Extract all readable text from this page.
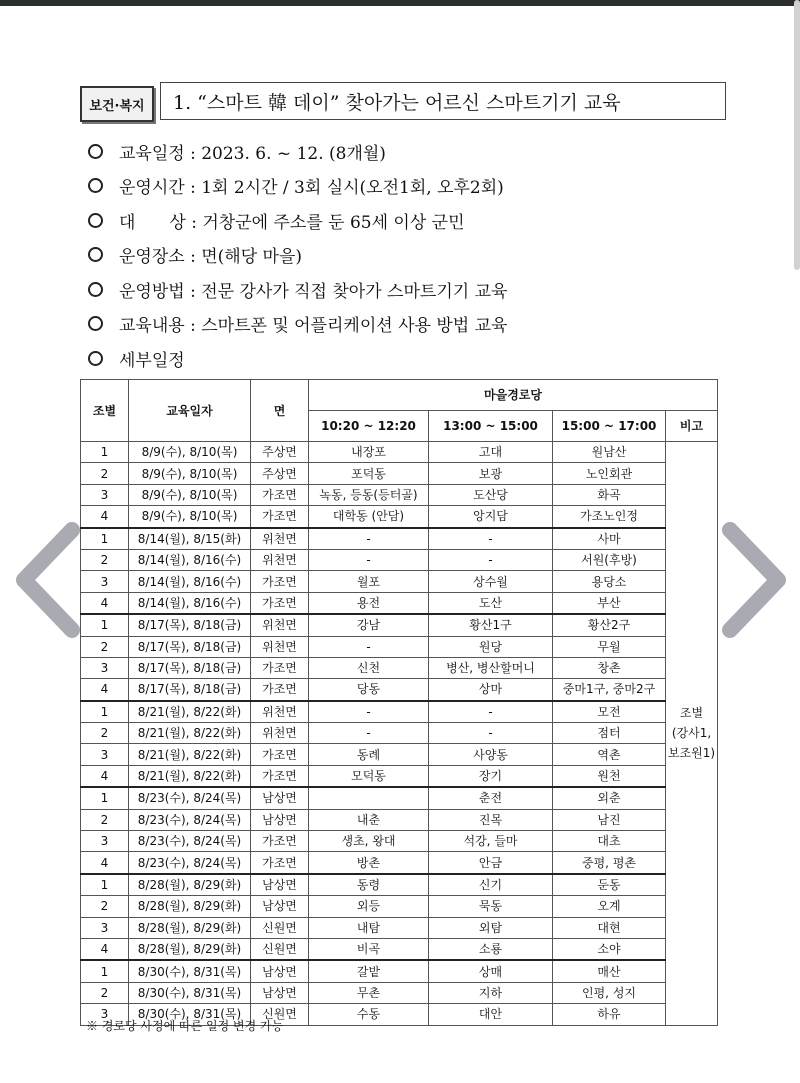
보건·복지	1. “스마트 韓 데이” 찾아가는 어르신 스마트기기 교육
교육일정 : 2023. 6. ~ 12. (8개월)
운영시간 : 1회 2시간 / 3회 실시(오전1회, 오후2회)
대　　상 : 거창군에 주소를 둔 65세 이상 군민
운영장소 : 면(해당 마을)
운영방법 : 전문 강사가 직접 찾아가 스마트기기 교육
교육내용 : 스마트폰 및 어플리케이션 사용 방법 교육
세부일정
조별	교육일자	면	마을경로당			
			10:20 ~ 12:20	13:00 ~ 15:00	15:00 ~ 17:00	비고
1	8/9(수), 8/10(목)	주상면	내장포	고대	원남산	조별
(강사1,
보조원1)
2	8/9(수), 8/10(목)	주상면	포덕동	보광	노인회관	
3	8/9(수), 8/10(목)	가조면	녹동, 등동(등터골)	도산당	화곡	
4	8/9(수), 8/10(목)	가조면	대학동 (안담)	앙지담	가조노인정	
1	8/14(월), 8/15(화)	위천면	-	-	사마	
2	8/14(월), 8/16(수)	위천면	-	-	서원(후방)	
3	8/14(월), 8/16(수)	가조면	월포	상수월	용당소	
4	8/14(월), 8/16(수)	가조면	용전	도산	부산	
1	8/17(목), 8/18(금)	위천면	강남	황산1구	황산2구	
2	8/17(목), 8/18(금)	위천면	-	원당	무월	
3	8/17(목), 8/18(금)	가조면	신천	병산, 병산할머니	창촌	
4	8/17(목), 8/18(금)	가조면	당동	상마	중마1구, 중마2구	
1	8/21(월), 8/22(화)	위천면	-	-	모전	
2	8/21(월), 8/22(화)	위천면	-	-	점터	
3	8/21(월), 8/22(화)	가조면	동례	사양동	역촌	
4	8/21(월), 8/22(화)	가조면	모덕동	장기	원천	
1	8/23(수), 8/24(목)	남상면		춘전	외춘	
2	8/23(수), 8/24(목)	남상면	내춘	진목	남진	
3	8/23(수), 8/24(목)	가조면	생초, 왕대	석강, 들마	대초	
4	8/23(수), 8/24(목)	가조면	방촌	안금	중평, 평촌	
1	8/28(월), 8/29(화)	남상면	동령	신기	둔동	
2	8/28(월), 8/29(화)	남상면	외등	묵동	오계	
3	8/28(월), 8/29(화)	신원면	내탐	외탐	대현	
4	8/28(월), 8/29(화)	신원면	비곡	소룡	소야	
1	8/30(수), 8/31(목)	남상면	갈밭	상매	매산	
2	8/30(수), 8/31(목)	남상면	무촌	지하	인평, 성지	
3	8/30(수), 8/31(목)	신원면	수동	대안	하유	
※ 경로당 사정에 따른 일정 변경 가능
